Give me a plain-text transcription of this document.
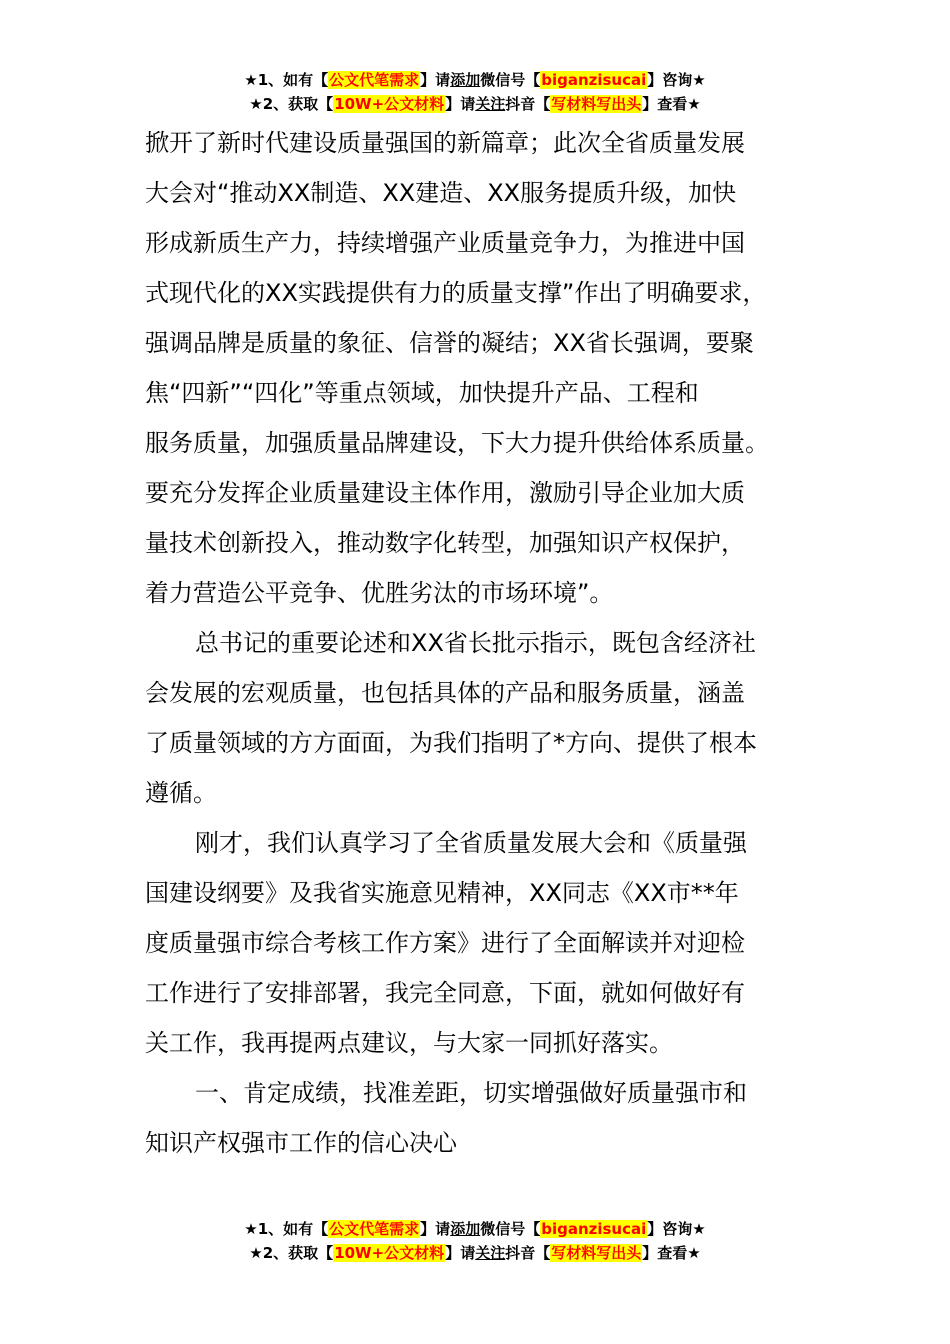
★1、如有【公文代笔需求】请添加微信号【biganzisucai】咨询★
★2、获取【10W+公文材料】请关注抖音【写材料写出头】查看★
掀开了新时代建设质量强国的新篇章；此次全省质量发展
大会对“推动XX制造、XX建造、XX服务提质升级，加快
形成新质生产力，持续增强产业质量竞争力，为推进中国
式现代化的XX实践提供有力的质量支撑”作出了明确要求，
强调品牌是质量的象征、信誉的凝结；XX省长强调，要聚
焦“四新”“四化”等重点领域，加快提升产品、工程和
服务质量，加强质量品牌建设，下大力提升供给体系质量。
要充分发挥企业质量建设主体作用，激励引导企业加大质
量技术创新投入，推动数字化转型，加强知识产权保护，
着力营造公平竞争、优胜劣汰的市场环境”。
总书记的重要论述和XX省长批示指示，既包含经济社
会发展的宏观质量，也包括具体的产品和服务质量，涵盖
了质量领域的方方面面，为我们指明了*方向、提供了根本
遵循。
刚才，我们认真学习了全省质量发展大会和《质量强
国建设纲要》及我省实施意见精神，XX同志《XX市**年
度质量强市综合考核工作方案》进行了全面解读并对迎检
工作进行了安排部署，我完全同意，下面，就如何做好有
关工作，我再提两点建议，与大家一同抓好落实。
一、肯定成绩，找准差距，切实增强做好质量强市和
知识产权强市工作的信心决心
★1、如有【公文代笔需求】请添加微信号【biganzisucai】咨询★
★2、获取【10W+公文材料】请关注抖音【写材料写出头】查看★
